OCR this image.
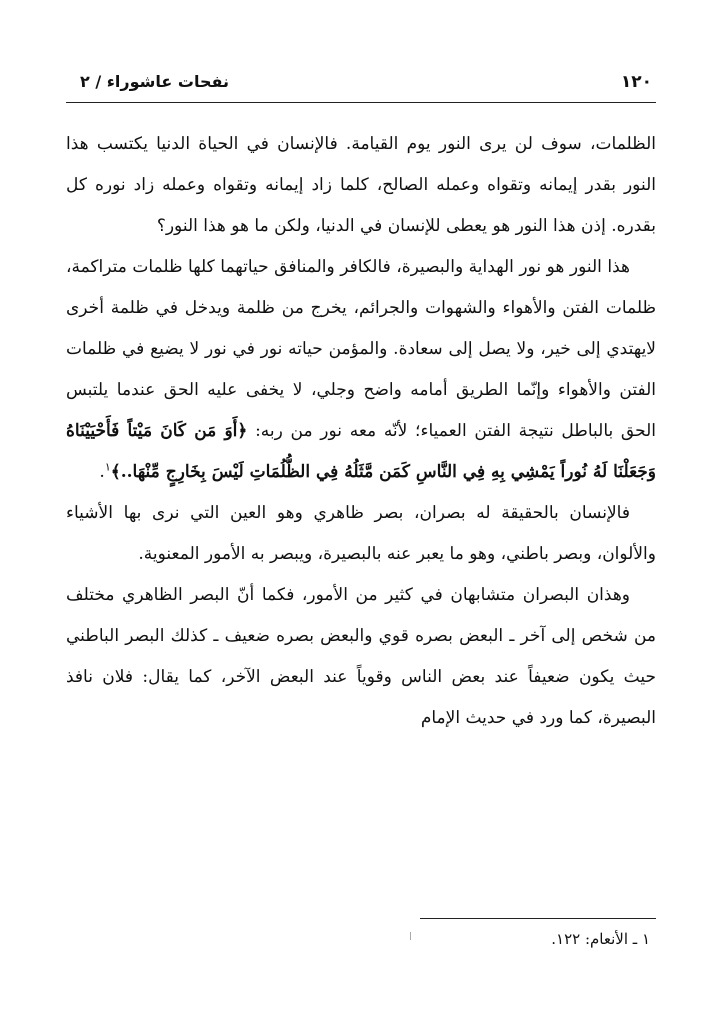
١٢٠
نفحات عاشوراء / ٢

الظلمات، سوف لن يرى النور يوم القيامة. فالإنسان في الحياة الدنيا يكتسب هذا النور بقدر إيمانه وتقواه وعمله الصالح، كلما زاد إيمانه وتقواه وعمله زاد نوره كل بقدره. إذن هذا النور هو يعطى للإنسان في الدنيا، ولكن ما هو هذا النور؟

هذا النور هو نور الهداية والبصيرة، فالكافر والمنافق حياتهما كلها ظلمات متراكمة، ظلمات الفتن والأهواء والشهوات والجرائم، يخرج من ظلمة ويدخل في ظلمة أخرى لايهتدي إلى خير، ولا يصل إلى سعادة. والمؤمن حياته نور في نور لا يضيع في ظلمات الفتن والأهواء وإنّما الطريق أمامه واضح وجلي، لا يخفى عليه الحق عندما يلتبس الحق بالباطل نتيجة الفتن العمياء؛ لأنّه معه نور من ربه: ﴿أَوَ مَن كَانَ مَيْتاً فَأَحْيَيْنَاهُ وَجَعَلْنَا لَهُ نُوراً يَمْشِي بِهِ فِي النَّاسِ كَمَن مَّثَلُهُ فِي الظُّلُمَاتِ لَيْسَ بِخَارِجٍ مِّنْهَا..﴾$^١$.

فالإنسان بالحقيقة له بصران، بصر ظاهري وهو العين التي نرى بها الأشياء والألوان، وبصر باطني، وهو ما يعبر عنه بالبصيرة، ويبصر به الأمور المعنوية.

وهذان البصران متشابهان في كثير من الأمور، فكما أنّ البصر الظاهري مختلف من شخص إلى آخر ـ البعض بصره قوي والبعض بصره ضعيف ـ كذلك البصر الباطني حيث يكون ضعيفاً عند بعض الناس وقوياً عند البعض الآخر، كما يقال: فلان نافذ البصيرة، كما ورد في حديث الإمام

١ ـ الأنعام: ١٢٢.
